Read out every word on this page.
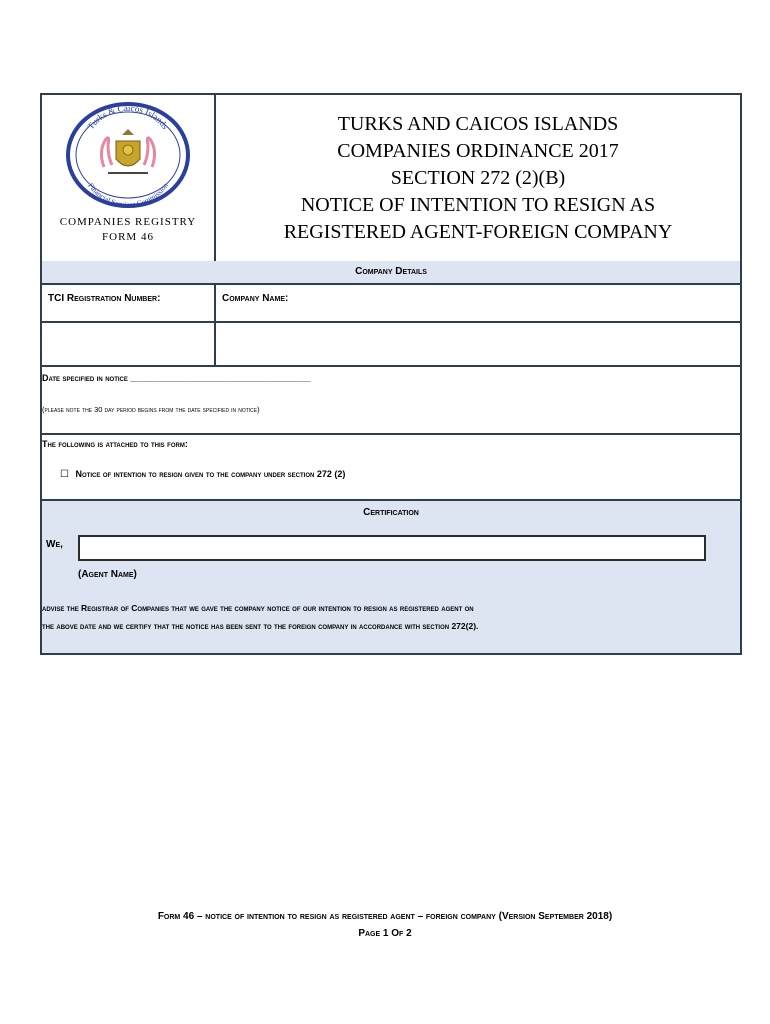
Turks & Caicos Islands
Financial Services Commission
COMPANIES REGISTRY
FORM 46
TURKS AND CAICOS ISLANDS
COMPANIES ORDINANCE 2017
SECTION 272 (2)(B)
NOTICE OF INTENTION TO RESIGN AS
REGISTERED AGENT-FOREIGN COMPANY
Company Details
TCI Registration Number:	Company Name:
Date specified in notice ____________________________________
(please note the 30 day period begins from the date specified in notice)
The following is attached to this form:
☐ Notice of intention to resign given to the company under section 272 (2)
Certification
We,
(Agent Name)
advise the Registrar of Companies that we gave the company notice of our intention to resign as registered agent on
the above date and we certify that the notice has been sent to the foreign company in accordance with section 272(2).
Form 46 – notice of intention to resign as registered agent – foreign company (Version September 2018)
Page 1 Of 2
